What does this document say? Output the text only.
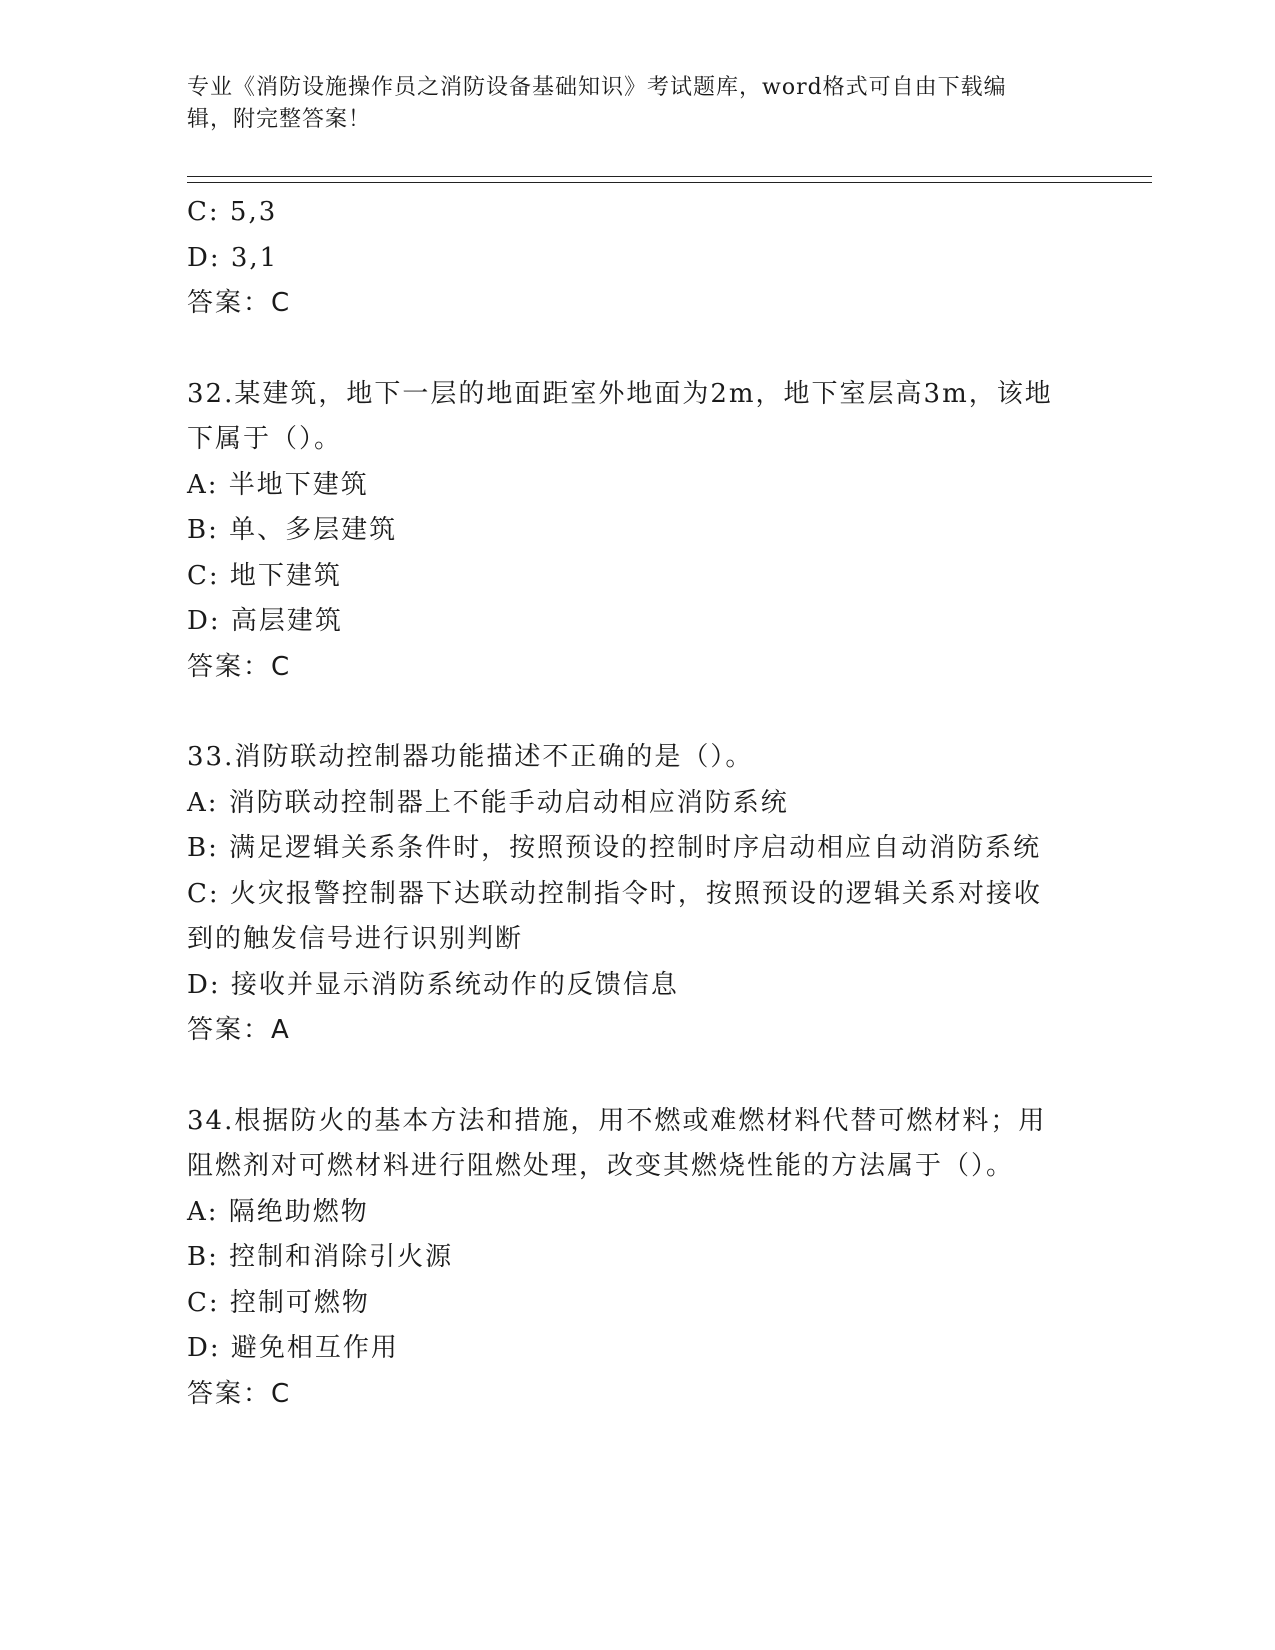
专业《消防设施操作员之消防设备基础知识》考试题库，word格式可自由下载编
辑，附完整答案！
C: 5,3
D: 3,1
答案：C
32.某建筑，地下一层的地面距室外地面为2m，地下室层高3m，该地
下属于（）。
A: 半地下建筑
B: 单、多层建筑
C: 地下建筑
D: 高层建筑
答案：C
33.消防联动控制器功能描述不正确的是（）。
A: 消防联动控制器上不能手动启动相应消防系统
B: 满足逻辑关系条件时，按照预设的控制时序启动相应自动消防系统
C: 火灾报警控制器下达联动控制指令时，按照预设的逻辑关系对接收
到的触发信号进行识别判断
D: 接收并显示消防系统动作的反馈信息
答案：A
34.根据防火的基本方法和措施，用不燃或难燃材料代替可燃材料；用
阻燃剂对可燃材料进行阻燃处理，改变其燃烧性能的方法属于（）。
A: 隔绝助燃物
B: 控制和消除引火源
C: 控制可燃物
D: 避免相互作用
答案：C
